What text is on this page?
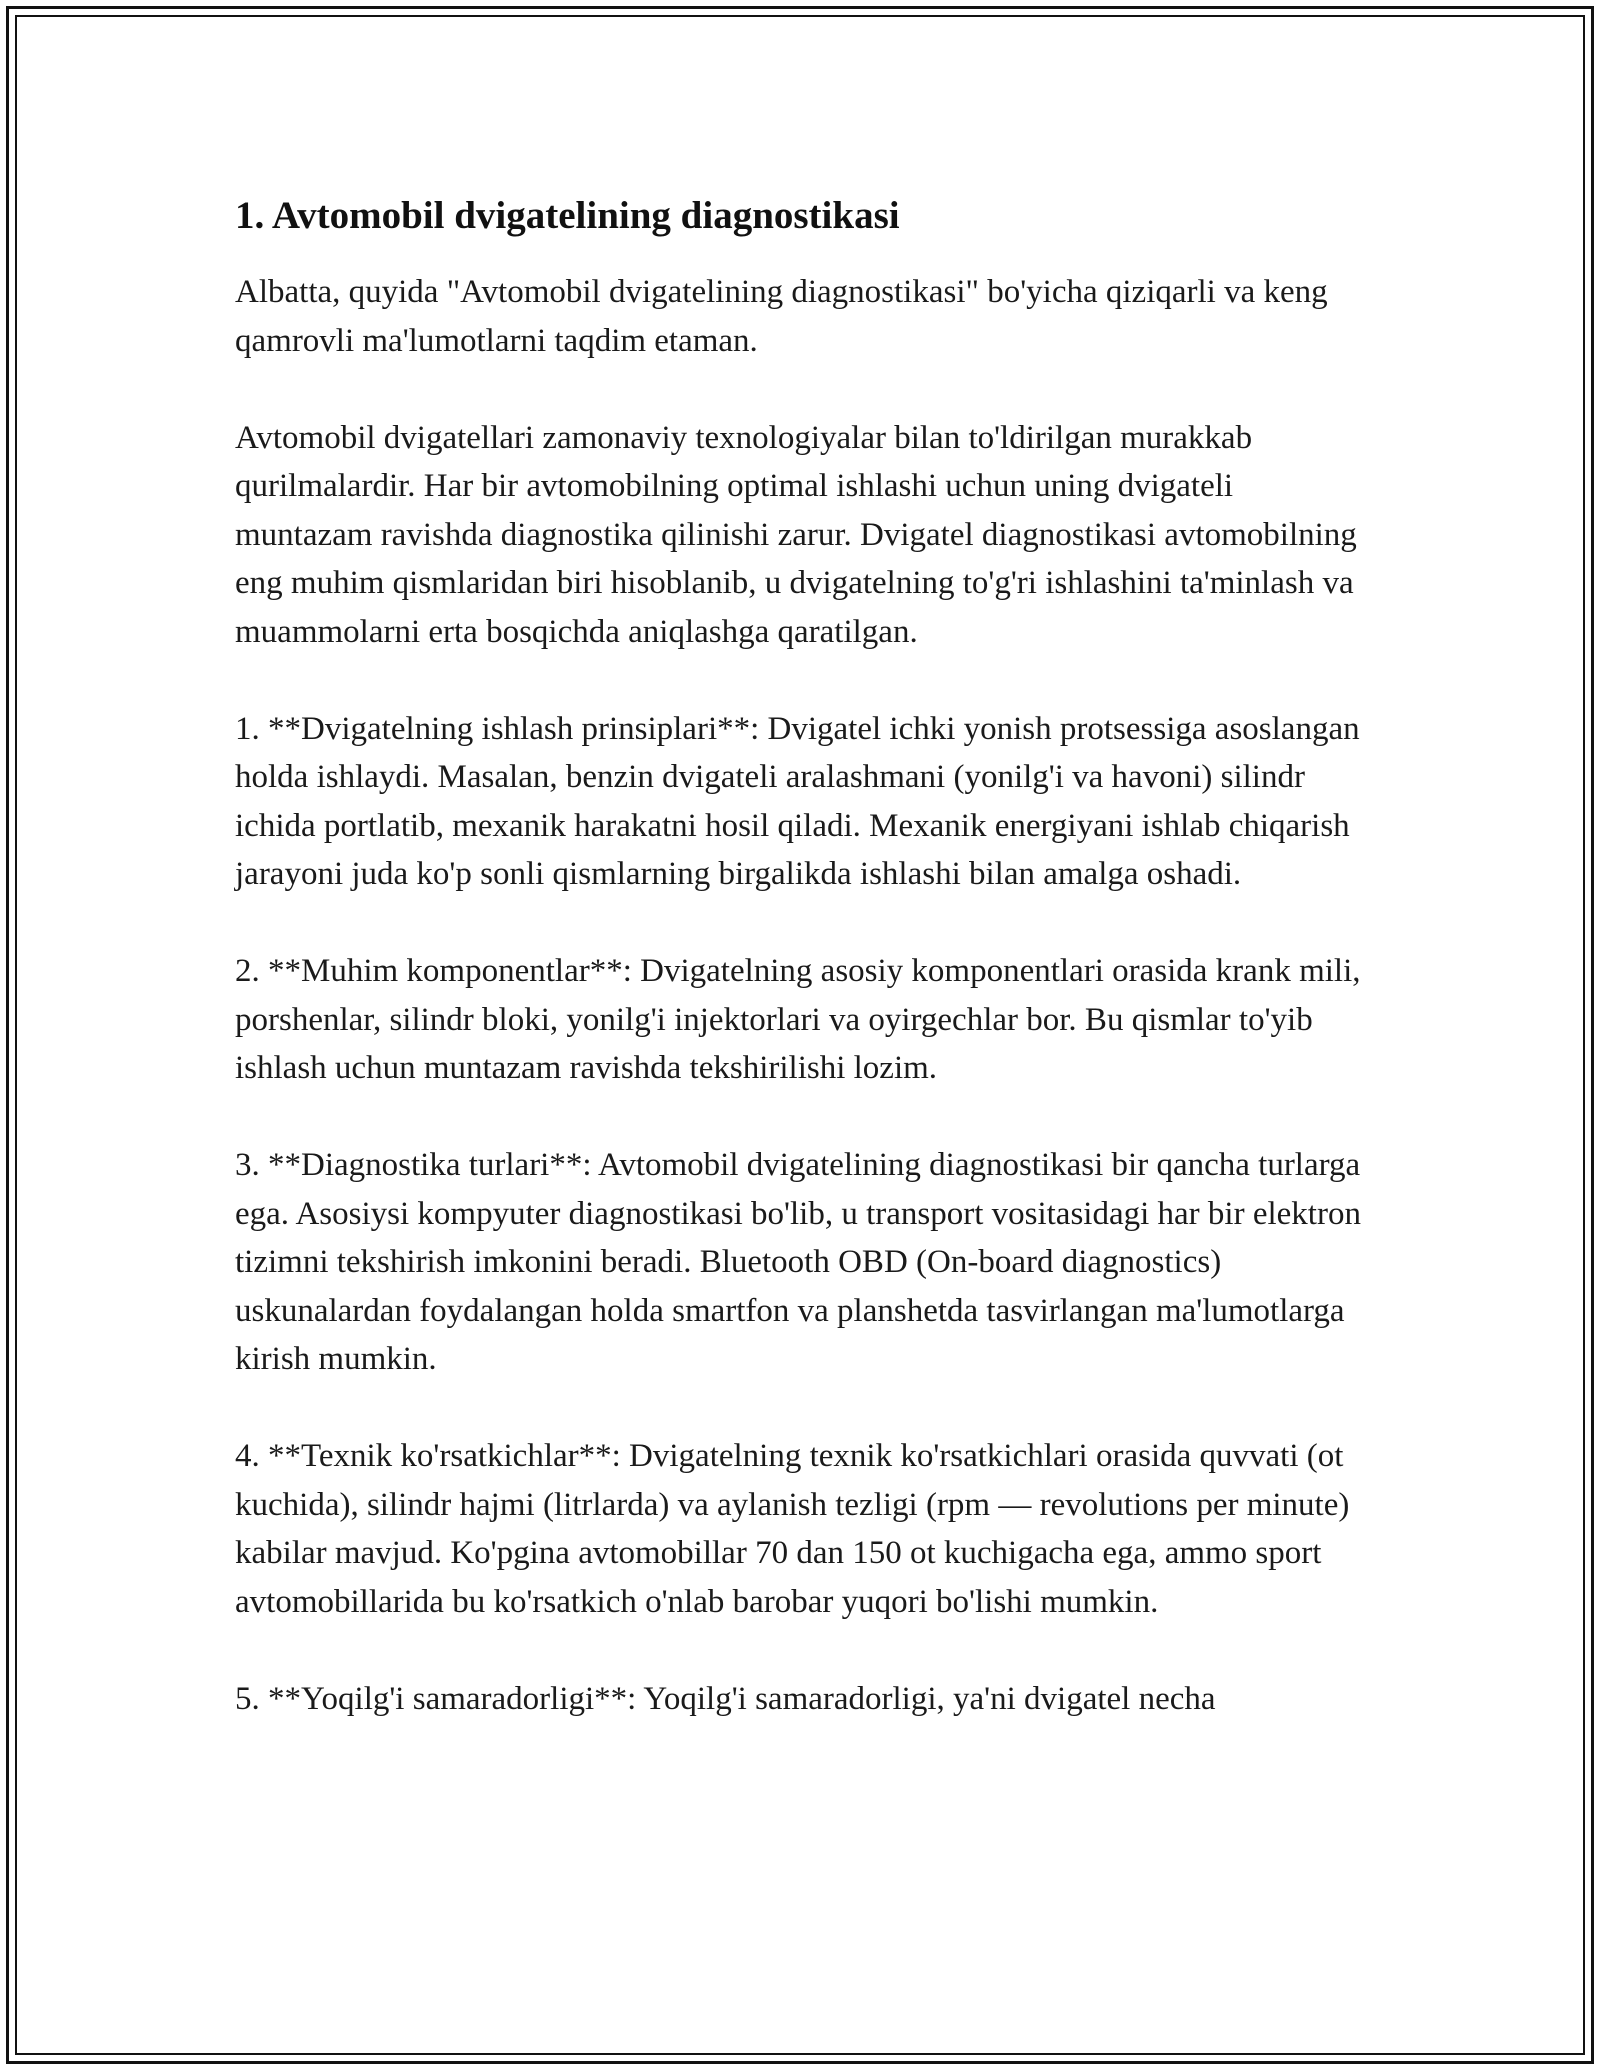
1. Avtomobil dvigatelining diagnostikasi

Albatta, quyida "Avtomobil dvigatelining diagnostikasi" bo'yicha qiziqarli va keng qamrovli ma'lumotlarni taqdim etaman.

Avtomobil dvigatellari zamonaviy texnologiyalar bilan to'ldirilgan murakkab qurilmalardir. Har bir avtomobilning optimal ishlashi uchun uning dvigateli muntazam ravishda diagnostika qilinishi zarur. Dvigatel diagnostikasi avtomobilning eng muhim qismlaridan biri hisoblanib, u dvigatelning to'g'ri ishlashini ta'minlash va muammolarni erta bosqichda aniqlashga qaratilgan.

1. **Dvigatelning ishlash prinsiplari**: Dvigatel ichki yonish protsessiga asoslangan holda ishlaydi. Masalan, benzin dvigateli aralashmani (yonilg'i va havoni) silindr ichida portlatib, mexanik harakatni hosil qiladi. Mexanik energiyani ishlab chiqarish jarayoni juda ko'p sonli qismlarning birgalikda ishlashi bilan amalga oshadi.

2. **Muhim komponentlar**: Dvigatelning asosiy komponentlari orasida krank mili, porshenlar, silindr bloki, yonilg'i injektorlari va oyirgechlar bor. Bu qismlar to'yib ishlash uchun muntazam ravishda tekshirilishi lozim.

3. **Diagnostika turlari**: Avtomobil dvigatelining diagnostikasi bir qancha turlarga ega. Asosiysi kompyuter diagnostikasi bo'lib, u transport vositasidagi har bir elektron tizimni tekshirish imkonini beradi. Bluetooth OBD (On-board diagnostics) uskunalardan foydalangan holda smartfon va planshetda tasvirlangan ma'lumotlarga kirish mumkin.

4. **Texnik ko'rsatkichlar**: Dvigatelning texnik ko'rsatkichlari orasida quvvati (ot kuchida), silindr hajmi (litrlarda) va aylanish tezligi (rpm — revolutions per minute) kabilar mavjud. Ko'pgina avtomobillar 70 dan 150 ot kuchigacha ega, ammo sport avtomobillarida bu ko'rsatkich o'nlab barobar yuqori bo'lishi mumkin.

5. **Yoqilg'i samaradorligi**: Yoqilg'i samaradorligi, ya'ni dvigatel necha
